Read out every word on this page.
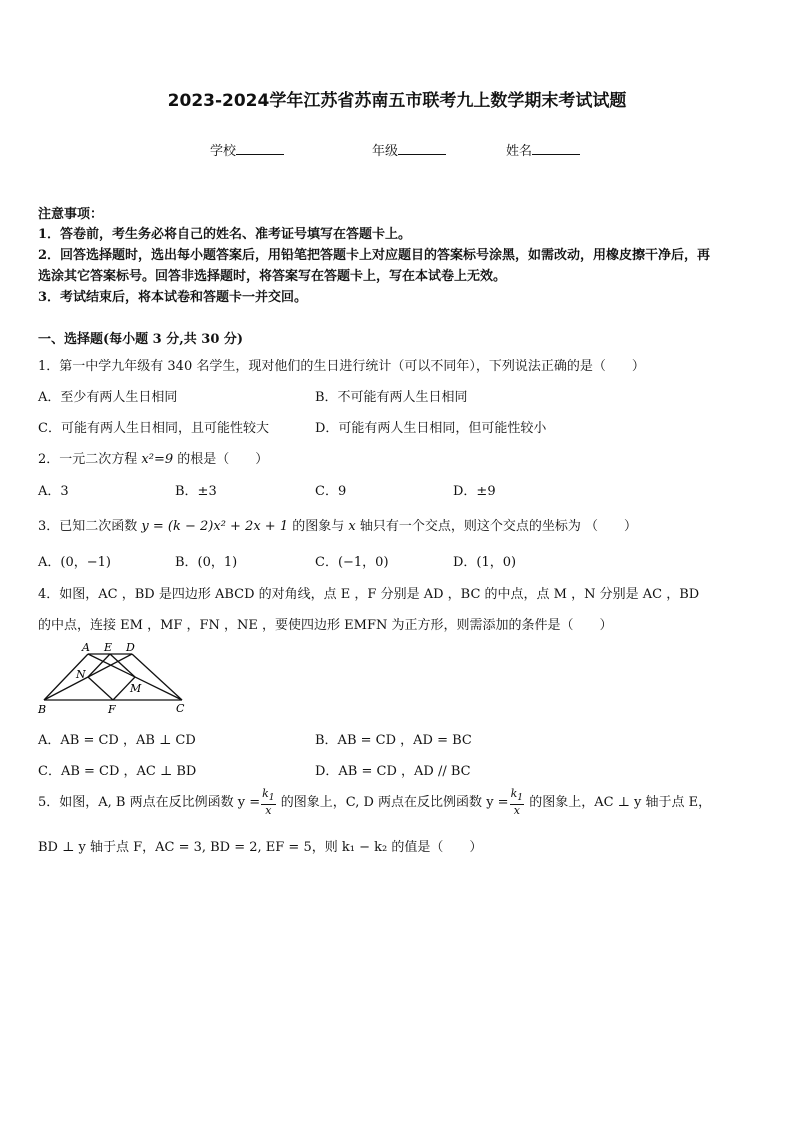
2023-2024学年江苏省苏南五市联考九上数学期末考试试题
学校	年级	姓名
注意事项：
1．答卷前，考生务必将自己的姓名、准考证号填写在答题卡上。
2．回答选择题时，选出每小题答案后，用铅笔把答题卡上对应题目的答案标号涂黑，如需改动，用橡皮擦干净后，再
选涂其它答案标号。回答非选择题时，将答案写在答题卡上，写在本试卷上无效。
3．考试结束后，将本试卷和答题卡一并交回。
一、选择题(每小题 3 分,共 30 分)
1．第一中学九年级有 340 名学生，现对他们的生日进行统计（可以不同年），下列说法正确的是（　　）
A．至少有两人生日相同	B．不可能有两人生日相同
C．可能有两人生日相同，且可能性较大	D．可能有两人生日相同，但可能性较小
2．一元二次方程 x²=9 的根是（　　）
A．3	B．±3	C．9	D．±9
3．已知二次函数 y = (k − 2)x² + 2x + 1 的图象与 x 轴只有一个交点，则这个交点的坐标为 （　　）
A．(0，−1)	B．(0，1)	C．(−1，0)	D．(1，0)
4．如图，AC ，BD 是四边形 ABCD 的对角线，点 E ，F 分别是 AD ，BC 的中点，点 M ，N 分别是 AC ，BD
的中点，连接 EM ，MF ，FN ，NE ，要使四边形 EMFN 为正方形，则需添加的条件是（　　）
A E D
N
M
B	F	C
A．AB = CD ，AB ⊥ CD	B．AB = CD ，AD = BC
C．AB = CD ，AC ⊥ BD	D．AB = CD ，AD // BC
5．如图，A, B 两点在反比例函数 $y = \frac{k_1}{x}$ 的图象上，C, D 两点在反比例函数 $y = \frac{k_1}{x}$ 的图象上，AC ⊥ y 轴于点 E，
BD ⊥ y 轴于点 F，AC = 3, BD = 2, EF = 5，则 k₁ − k₂ 的值是（　　）
